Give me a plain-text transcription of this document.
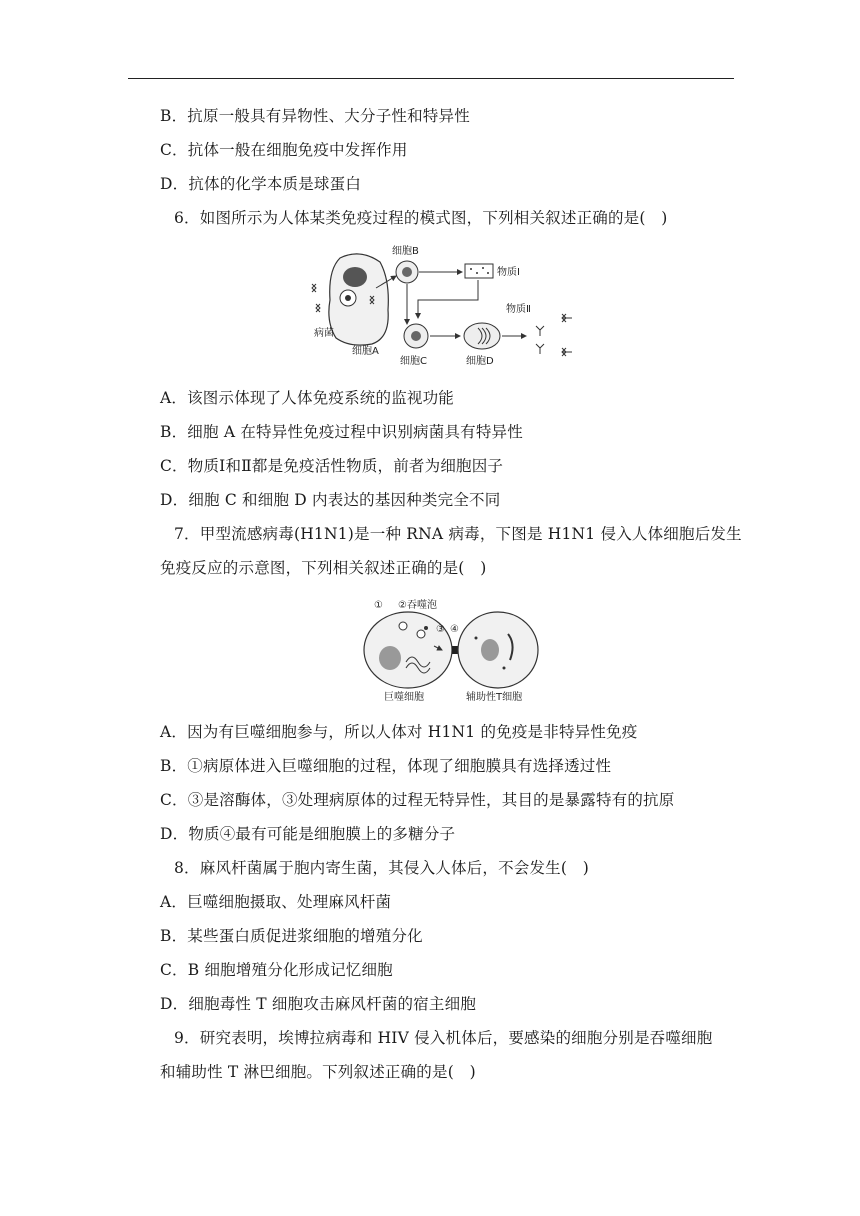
B．抗原一般具有异物性、大分子性和特异性
C．抗体一般在细胞免疫中发挥作用
D．抗体的化学本质是球蛋白
6．如图所示为人体某类免疫过程的模式图，下列相关叙述正确的是(　)
病菌
细胞A
细胞B
物质Ⅰ
细胞C	细胞D
物质Ⅱ
A．该图示体现了人体免疫系统的监视功能
B．细胞 A 在特异性免疫过程中识别病菌具有特异性
C．物质Ⅰ和Ⅱ都是免疫活性物质，前者为细胞因子
D．细胞 C 和细胞 D 内表达的基因种类完全不同
7．甲型流感病毒(H1N1)是一种 RNA 病毒，下图是 H1N1 侵入人体细胞后发生
免疫反应的示意图，下列相关叙述正确的是(　)
① ②吞噬泡
③ ④
巨噬细胞	辅助性T细胞
A．因为有巨噬细胞参与，所以人体对 H1N1 的免疫是非特异性免疫
B．①病原体进入巨噬细胞的过程，体现了细胞膜具有选择透过性
C．③是溶酶体，③处理病原体的过程无特异性，其目的是暴露特有的抗原
D．物质④最有可能是细胞膜上的多糖分子
8．麻风杆菌属于胞内寄生菌，其侵入人体后，不会发生(　)
A．巨噬细胞摄取、处理麻风杆菌
B．某些蛋白质促进浆细胞的增殖分化
C．B 细胞增殖分化形成记忆细胞
D．细胞毒性 T 细胞攻击麻风杆菌的宿主细胞
9．研究表明，埃博拉病毒和 HIV 侵入机体后，要感染的细胞分别是吞噬细胞
和辅助性 T 淋巴细胞。下列叙述正确的是(　)
